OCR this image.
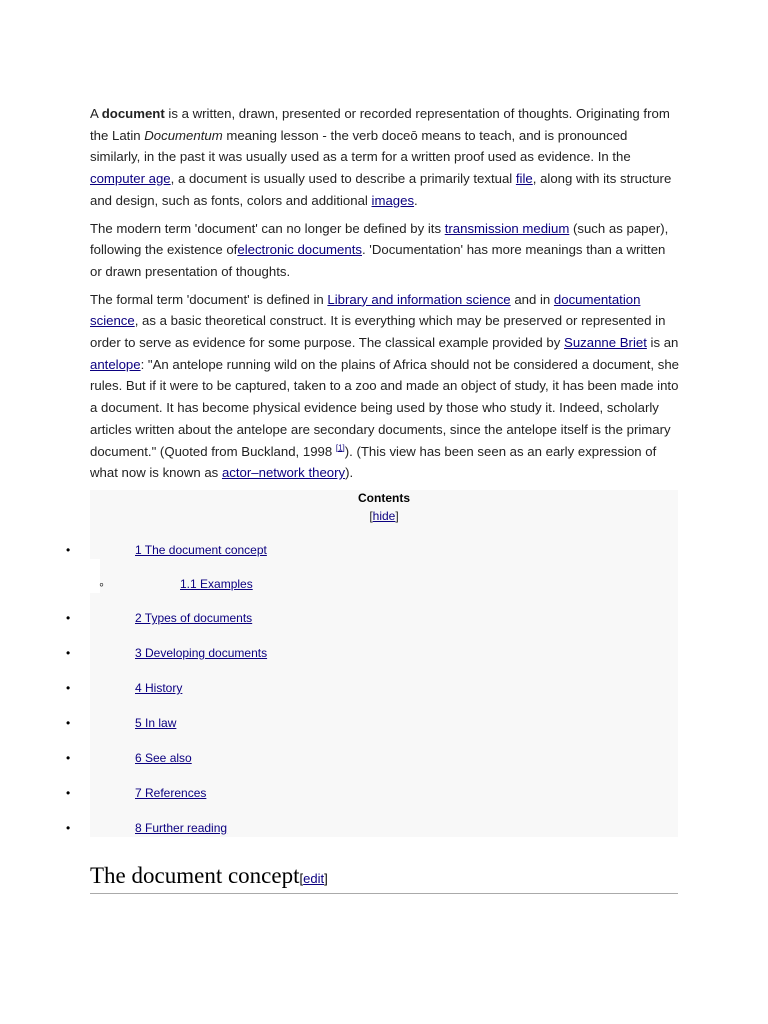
A document is a written, drawn, presented or recorded representation of thoughts. Originating from the Latin Documentum meaning lesson - the verb doceō means to teach, and is pronounced similarly, in the past it was usually used as a term for a written proof used as evidence. In the computer age, a document is usually used to describe a primarily textual file, along with its structure and design, such as fonts, colors and additional images.

The modern term 'document' can no longer be defined by its transmission medium (such as paper), following the existence ofelectronic documents. 'Documentation' has more meanings than a written or drawn presentation of thoughts.

The formal term 'document' is defined in Library and information science and in documentation science, as a basic theoretical construct. It is everything which may be preserved or represented in order to serve as evidence for some purpose. The classical example provided by Suzanne Briet is an antelope: "An antelope running wild on the plains of Africa should not be considered a document, she rules. But if it were to be captured, taken to a zoo and made an object of study, it has been made into a document. It has become physical evidence being used by those who study it. Indeed, scholarly articles written about the antelope are secondary documents, since the antelope itself is the primary document." (Quoted from Buckland, 1998 [1]). (This view has been seen as an early expression of what now is known as actor–network theory).

Contents
[hide]
•
1 The document concept
◦
1.1 Examples
•
2 Types of documents
•
3 Developing documents
•
4 History
•
5 In law
•
6 See also
•
7 References
•
8 Further reading
The document concept[edit]
